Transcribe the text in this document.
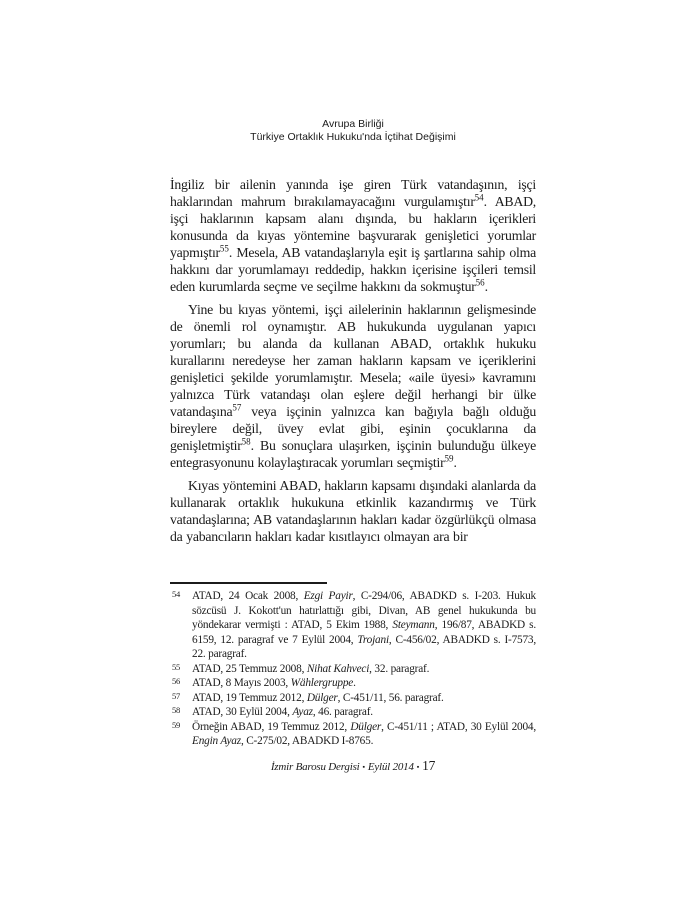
Avrupa Birliği
Türkiye Ortaklık Hukuku'nda İçtihat Değişimi

İngiliz bir ailenin yanında işe giren Türk vatandaşının, işçi haklarından mahrum bırakılamayacağını vurgulamıştır$^{54}$. ABAD, işçi haklarının kapsam alanı dışında, bu hakların içerikleri konusunda da kıyas yöntemine başvurarak genişletici yorumlar yapmıştır$^{55}$. Mesela, AB vatandaşlarıyla eşit iş şartlarına sahip olma hakkını dar yorumlamayı reddedip, hakkın içerisine işçileri temsil eden kurumlarda seçme ve seçilme hakkını da sokmuştur$^{56}$.

Yine bu kıyas yöntemi, işçi ailelerinin haklarının gelişmesinde de önemli rol oynamıştır. AB hukukunda uygulanan yapıcı yorumları; bu alanda da kullanan ABAD, ortaklık hukuku kurallarını neredeyse her zaman hakların kapsam ve içeriklerini genişletici şekilde yorumlamıştır. Mesela; «aile üyesi» kavramını yalnızca Türk vatandaşı olan eşlere değil herhangi bir ülke vatandaşına$^{57}$ veya işçinin yalnızca kan bağıyla bağlı olduğu bireylere değil, üvey evlat gibi, eşinin çocuklarına da genişletmiştir$^{58}$. Bu sonuçlara ulaşırken, işçinin bulunduğu ülkeye entegrasyonunu kolaylaştıracak yorumları seçmiştir$^{59}$.

Kıyas yöntemini ABAD, hakların kapsamı dışındaki alanlarda da kullanarak ortaklık hukukuna etkinlik kazandırmış ve Türk vatandaşlarına; AB vatandaşlarının hakları kadar özgürlükçü olmasa da yabancıların hakları kadar kısıtlayıcı olmayan ara bir

54 ATAD, 24 Ocak 2008, Ezgi Payir, C-294/06, ABADKD s. I-203. Hukuk sözcüsü J. Kokott'un hatırlattığı gibi, Divan, AB genel hukukunda bu yöndekarar vermişti : ATAD, 5 Ekim 1988, Steymann, 196/87, ABADKD s. 6159, 12. paragraf ve 7 Eylül 2004, Trojani, C-456/02, ABADKD s. I-7573, 22. paragraf.
55 ATAD, 25 Temmuz 2008, Nihat Kahveci, 32. paragraf.
56 ATAD, 8 Mayıs 2003, Wählergruppe.
57 ATAD, 19 Temmuz 2012, Dülger, C-451/11, 56. paragraf.
58 ATAD, 30 Eylül 2004, Ayaz, 46. paragraf.
59 Örneğin ABAD, 19 Temmuz 2012, Dülger, C-451/11 ; ATAD, 30 Eylül 2004, Engin Ayaz, C-275/02, ABADKD I-8765.
İzmir Barosu Dergisi ▪ Eylül 2014 ▪ 17
